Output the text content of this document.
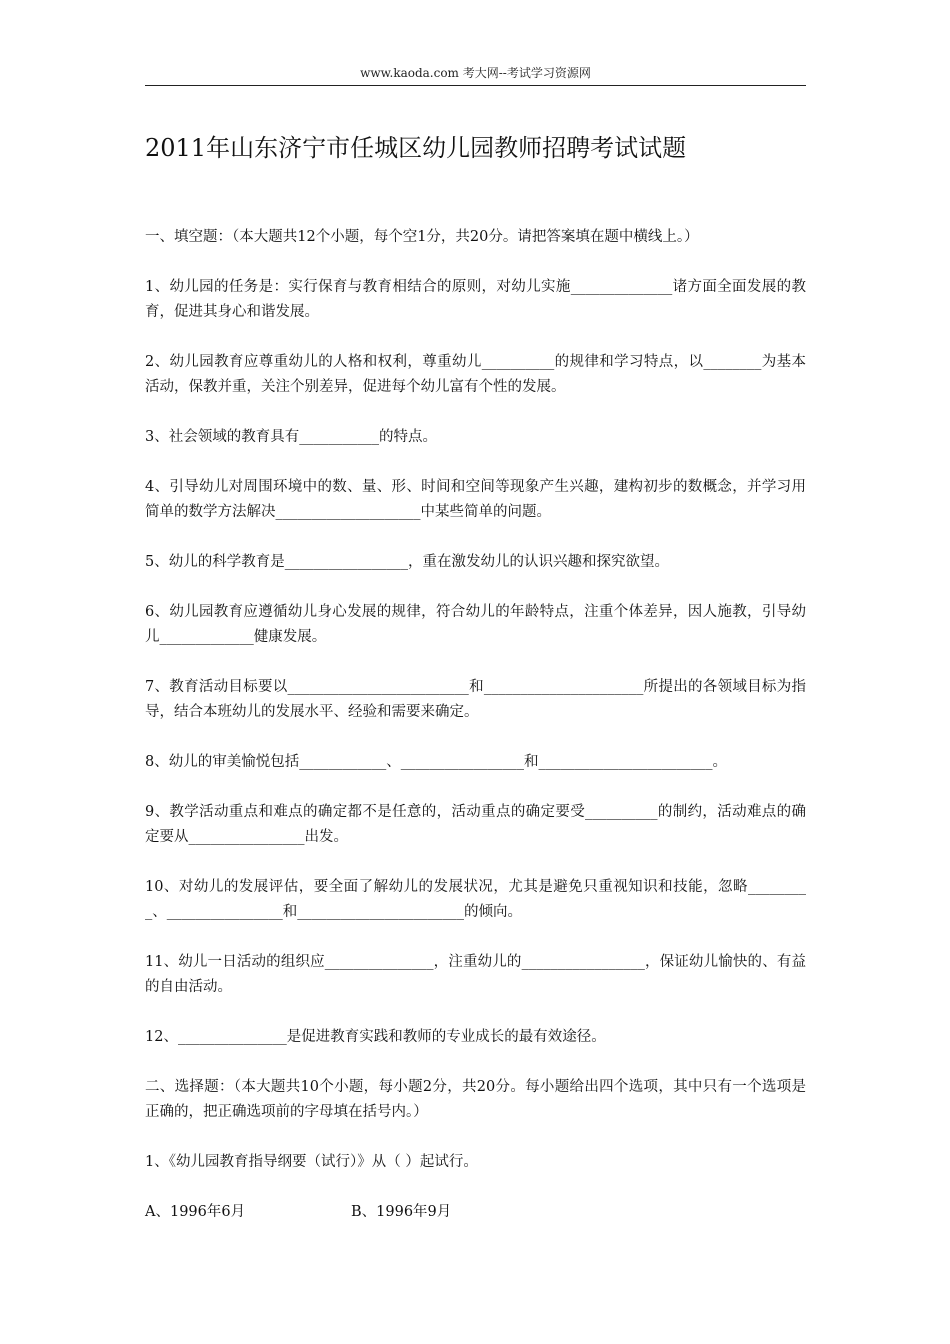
www.kaoda.com 考大网--考试学习资源网
2011年山东济宁市任城区幼儿园教师招聘考试试题
一、填空题：（本大题共12个小题，每个空1分，共20分。请把答案填在题中横线上。）
1、幼儿园的任务是：实行保育与教育相结合的原则，对幼儿实施______________诸方面全面发展的教育，促进其身心和谐发展。
2、幼儿园教育应尊重幼儿的人格和权利，尊重幼儿__________的规律和学习特点，以________为基本活动，保教并重，关注个别差异，促进每个幼儿富有个性的发展。
3、社会领域的教育具有___________的特点。
4、引导幼儿对周围环境中的数、量、形、时间和空间等现象产生兴趣，建构初步的数概念，并学习用简单的数学方法解决____________________中某些简单的问题。
5、幼儿的科学教育是_________________，重在激发幼儿的认识兴趣和探究欲望。
6、幼儿园教育应遵循幼儿身心发展的规律，符合幼儿的年龄特点，注重个体差异，因人施教，引导幼儿_____________健康发展。
7、教育活动目标要以_________________________和______________________所提出的各领域目标为指导，结合本班幼儿的发展水平、经验和需要来确定。
8、幼儿的审美愉悦包括____________、_________________和________________________。
9、教学活动重点和难点的确定都不是任意的，活动重点的确定要受__________的制约，活动难点的确定要从________________出发。
10、对幼儿的发展评估，要全面了解幼儿的发展状况，尤其是避免只重视知识和技能，忽略_________、________________和_______________________的倾向。
11、幼儿一日活动的组织应_______________，注重幼儿的_________________，保证幼儿愉快的、有益的自由活动。
12、_______________是促进教育实践和教师的专业成长的最有效途径。
二、选择题：（本大题共10个小题，每小题2分，共20分。每小题给出四个选项，其中只有一个选项是正确的，把正确选项前的字母填在括号内。）
1、《幼儿园教育指导纲要（试行）》从（ ）起试行。
A、1996年6月	B、1996年9月
